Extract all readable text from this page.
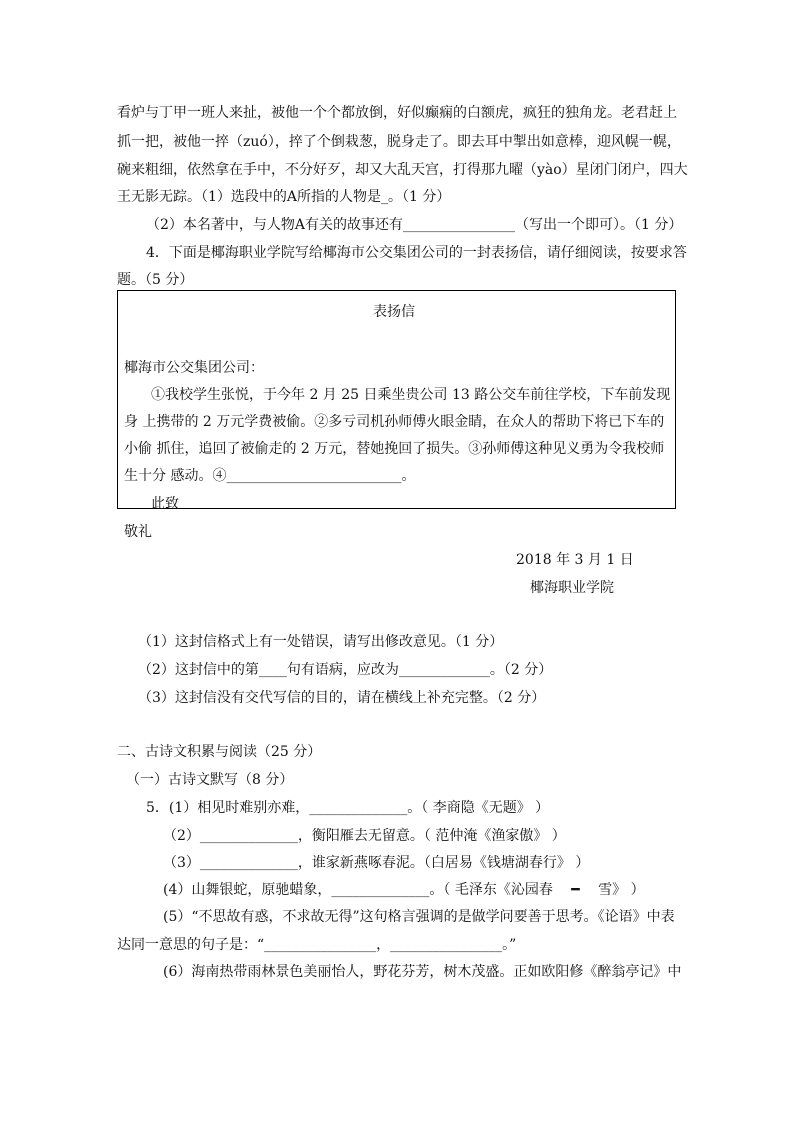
看炉与丁甲一班人来扯，被他一个个都放倒，好似癫痫的白额虎，疯狂的独角龙。老君赶上
抓一把，被他一捽（zuó），捽了个倒栽葱，脱身走了。即去耳中掣出如意棒，迎风幌一幌，
碗来粗细，依然拿在手中，不分好歹，却又大乱天宫，打得那九曜（yào）星闭门闭户，四大
王无影无踪。（1）选段中的A所指的人物是_。（1 分）
（2）本名著中，与人物A有关的故事还有________________（写出一个即可）。（1 分）
4．下面是椰海职业学院写给椰海市公交集团公司的一封表扬信，请仔细阅读，按要求答
题。（5 分）
表扬信
椰海市公交集团公司：
①我校学生张悦，于今年 2 月 25 日乘坐贵公司 13 路公交车前往学校，下车前发现
身 上携带的 2 万元学费被偷。②多亏司机孙师傅火眼金睛，在众人的帮助下将已下车的
小偷 抓住，追回了被偷走的 2 万元，替她挽回了损失。③孙师傅这种见义勇为令我校师
生十分 感动。④_________________________。
此致
敬礼
2018 年 3 月 1 日
椰海职业学院
（1）这封信格式上有一处错误，请写出修改意见。（1 分）
（2）这封信中的第____句有语病，应改为_____________。（2 分）
（3）这封信没有交代写信的目的，请在横线上补充完整。（2 分）
二、古诗文积累与阅读（25 分）
（一）古诗文默写（8 分）
5．(1）相见时难别亦难，______________。（ 李商隐《无题》 ）
（2）______________，衡阳雁去无留意。（ 范仲淹《渔家傲》 ）
（3）______________，谁家新燕啄春泥。（白居易《钱塘湖春行》 ）
(4）山舞银蛇，原驰蜡象，______________。（ 毛泽东《沁园春 　━　 雪》 ）
(5）“不思故有惑，不求故无得”这句格言强调的是做学问要善于思考。《论语》中表
达同一意思的句子是：“________________，________________。”
(6）海南热带雨林景色美丽怡人，野花芬芳，树木茂盛。正如欧阳修《醉翁亭记》中
